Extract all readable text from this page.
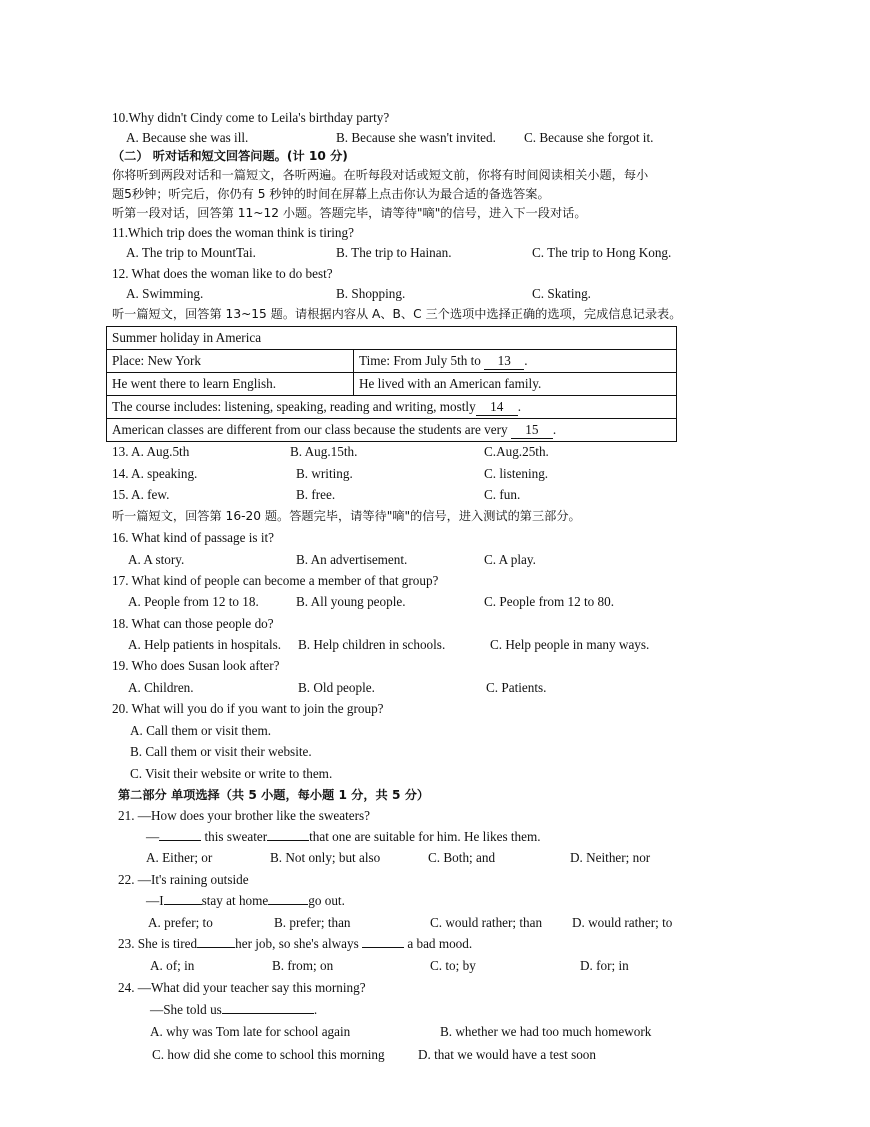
10.Why didn't Cindy come to Leila's birthday party?
A. Because she was ill.	B. Because she wasn't invited. C. Because she forgot it.
（二） 听对话和短文回答问题。(计 10 分)
你将听到两段对话和一篇短文，各听两遍。在听每段对话或短文前，你将有时间阅读相关小题，每小
题5秒钟；听完后，你仍有 5 秒钟的时间在屏幕上点击你认为最合适的备选答案。
听第一段对话，回答第 11~12 小题。答题完毕，请等待"嘀"的信号，进入下一段对话。
11.Which trip does the woman think is tiring?
A. The trip to MountTai.	B. The trip to Hainan.	C. The trip to Hong Kong.
12. What does the woman like to do best?
A. Swimming.	B. Shopping.	C. Skating.
听一篇短文，回答第 13~15 题。请根据内容从 A、B、C 三个选项中选择正确的选项，完成信息记录表。
Summer holiday in America	
Place: New York	Time: From July 5th to 13 .
He went there to learn English.	He lived with an American family.
The course includes: listening, speaking, reading and writing, mostly 14 .	
American classes are different from our class because the students are very 15 .	
13. A. Aug.5th	B. Aug.15th.	C.Aug.25th.
14. A. speaking.	B. writing.	C. listening.
15. A. few.	B. free.	C. fun.
听一篇短文，回答第 16-20 题。答题完毕，请等待"嘀"的信号，进入测试的第三部分。
16. What kind of passage is it?
A. A story.	B. An advertisement.	C. A play.
17. What kind of people can become a member of that group?
A. People from 12 to 18.	B. All young people.	C. People from 12 to 80.
18. What can those people do?
A. Help patients in hospitals. B. Help children in schools.	C. Help people in many ways.
19. Who does Susan look after?
A. Children.	B. Old people.	C. Patients.
20. What will you do if you want to join the group?
A. Call them or visit them.
B. Call them or visit their website.
C. Visit their website or write to them.
第二部分 单项选择（共 5 小题，每小题 1 分，共 5 分）
21. —How does your brother like the sweaters?
—	this sweater	that one are suitable for him. He likes them.
A. Either; or	B. Not only; but also	C. Both; and	D. Neither; nor
22. —It's raining outside
—I	stay at home	go out.
A. prefer; to	B. prefer; than	C. would rather; than D. would rather; to
23. She is tired	her job, so she's always	a bad mood.
A. of; in	B. from; on	C. to; by	D. for; in
24. —What did your teacher say this morning?
—She told us	.
A. why was Tom late for school again	B. whether we had too much homework
C. how did she come to school this morning	D. that we would have a test soon
